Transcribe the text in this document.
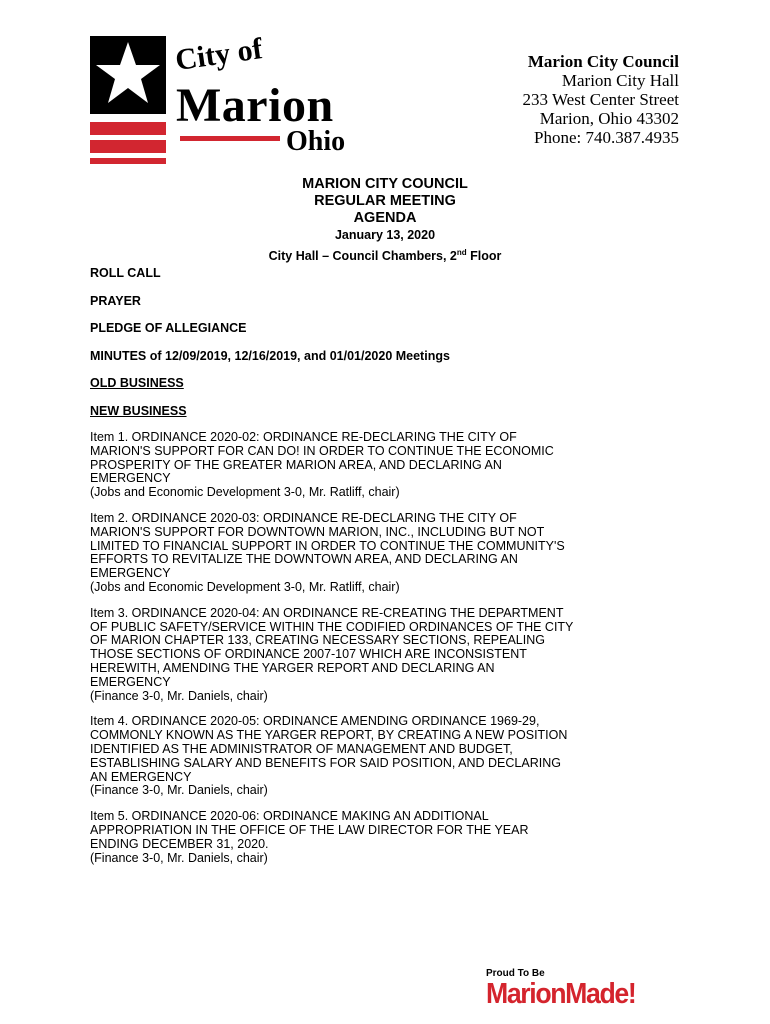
City of
Marion
Ohio
Marion City Council
Marion City Hall
233 West Center Street
Marion, Ohio 43302
Phone: 740.387.4935
MARION CITY COUNCIL
REGULAR MEETING
AGENDA
January 13, 2020
City Hall – Council Chambers, 2nd Floor
ROLL CALL
PRAYER
PLEDGE OF ALLEGIANCE
MINUTES of 12/09/2019, 12/16/2019, and 01/01/2020 Meetings
OLD BUSINESS
NEW BUSINESS
Item 1. ORDINANCE 2020-02: ORDINANCE RE-DECLARING THE CITY OF
MARION'S SUPPORT FOR CAN DO! IN ORDER TO CONTINUE THE ECONOMIC
PROSPERITY OF THE GREATER MARION AREA, AND DECLARING AN
EMERGENCY
(Jobs and Economic Development 3-0, Mr. Ratliff, chair)
Item 2. ORDINANCE 2020-03: ORDINANCE RE-DECLARING THE CITY OF
MARION'S SUPPORT FOR DOWNTOWN MARION, INC., INCLUDING BUT NOT
LIMITED TO FINANCIAL SUPPORT IN ORDER TO CONTINUE THE COMMUNITY'S
EFFORTS TO REVITALIZE THE DOWNTOWN AREA, AND DECLARING AN
EMERGENCY
(Jobs and Economic Development 3-0, Mr. Ratliff, chair)
Item 3. ORDINANCE 2020-04: AN ORDINANCE RE-CREATING THE DEPARTMENT
OF PUBLIC SAFETY/SERVICE WITHIN THE CODIFIED ORDINANCES OF THE CITY
OF MARION CHAPTER 133, CREATING NECESSARY SECTIONS, REPEALING
THOSE SECTIONS OF ORDINANCE 2007-107 WHICH ARE INCONSISTENT
HEREWITH, AMENDING THE YARGER REPORT AND DECLARING AN
EMERGENCY
(Finance 3-0, Mr. Daniels, chair)
Item 4. ORDINANCE 2020-05: ORDINANCE AMENDING ORDINANCE 1969-29,
COMMONLY KNOWN AS THE YARGER REPORT, BY CREATING A NEW POSITION
IDENTIFIED AS THE ADMINISTRATOR OF MANAGEMENT AND BUDGET,
ESTABLISHING SALARY AND BENEFITS FOR SAID POSITION, AND DECLARING
AN EMERGENCY
(Finance 3-0, Mr. Daniels, chair)
Item 5. ORDINANCE 2020-06: ORDINANCE MAKING AN ADDITIONAL
APPROPRIATION IN THE OFFICE OF THE LAW DIRECTOR FOR THE YEAR
ENDING DECEMBER 31, 2020.
(Finance 3-0, Mr. Daniels, chair)
Proud To Be
MarionMade!
